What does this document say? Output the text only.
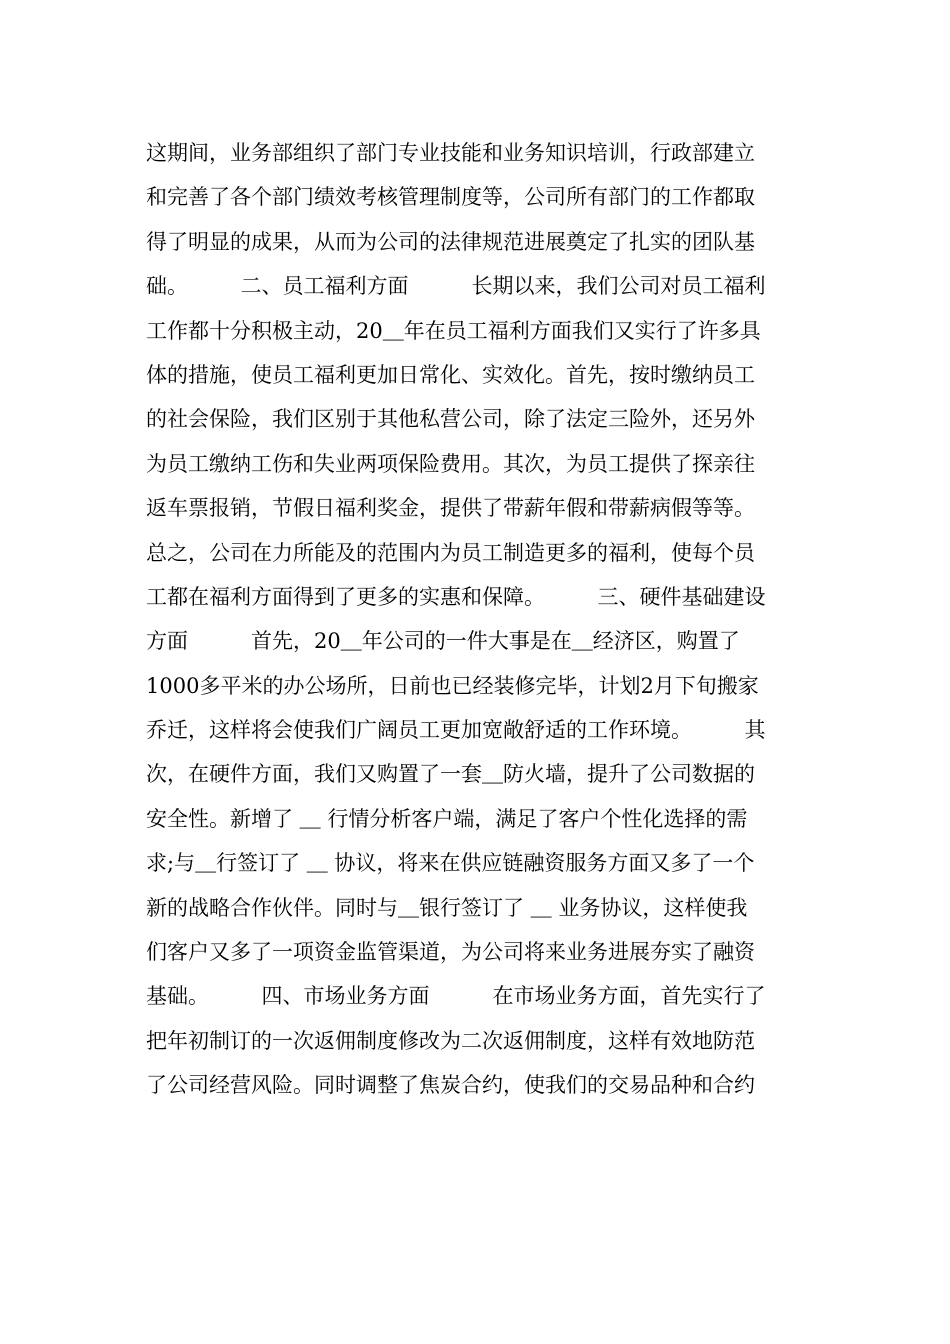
这期间，业务部组织了部门专业技能和业务知识培训，行政部建立
和完善了各个部门绩效考核管理制度等，公司所有部门的工作都取
得了明显的成果，从而为公司的法律规范进展奠定了扎实的团队基
础。　　　二、员工福利方面　　　长期以来，我们公司对员工福利
工作都十分积极主动，20＿年在员工福利方面我们又实行了许多具
体的措施，使员工福利更加日常化、实效化。首先，按时缴纳员工
的社会保险，我们区别于其他私营公司，除了法定三险外，还另外
为员工缴纳工伤和失业两项保险费用。其次，为员工提供了探亲往
返车票报销，节假日福利奖金，提供了带薪年假和带薪病假等等。
总之，公司在力所能及的范围内为员工制造更多的福利，使每个员
工都在福利方面得到了更多的实惠和保障。　　　三、硬件基础建设
方面　　　首先，20＿年公司的一件大事是在＿经济区，购置了
1000多平米的办公场所，日前也已经装修完毕，计划2月下旬搬家
乔迁，这样将会使我们广阔员工更加宽敞舒适的工作环境。　　　其
次，在硬件方面，我们又购置了一套＿防火墙，提升了公司数据的
安全性。新增了 ＿ 行情分析客户端，满足了客户个性化选择的需
求;与＿行签订了 ＿ 协议，将来在供应链融资服务方面又多了一个
新的战略合作伙伴。同时与＿银行签订了 ＿ 业务协议，这样使我
们客户又多了一项资金监管渠道，为公司将来业务进展夯实了融资
基础。　　　四、市场业务方面　　　在市场业务方面，首先实行了
把年初制订的一次返佣制度修改为二次返佣制度，这样有效地防范
了公司经营风险。同时调整了焦炭合约，使我们的交易品种和合约
